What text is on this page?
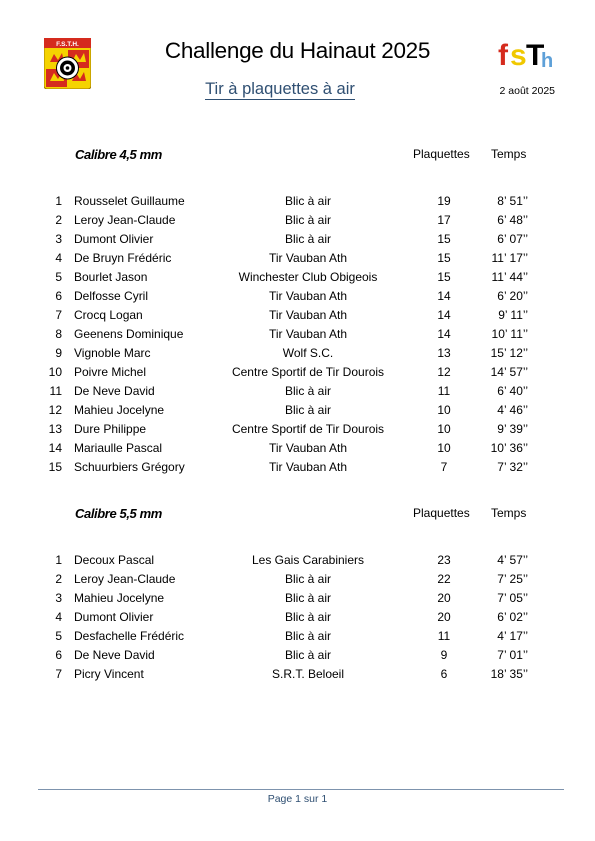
F.S.T.H.	f s T
h
Challenge du Hainaut 2025
Tir à plaquettes à air	2 août 2025
Calibre 4,5 mm	Plaquettes Temps
1 Rousselet Guillaume	Blic à air	19	8’ 51’’
2 Leroy Jean-Claude	Blic à air	17	6’ 48’’
3 Dumont Olivier	Blic à air	15	6’ 07’’
4 De Bruyn Frédéric	Tir Vauban Ath	15	11’ 17’’
5 Bourlet Jason	Winchester Club Obigeois	15	11’ 44’’
6 Delfosse Cyril	Tir Vauban Ath	14	6’ 20’’
7 Crocq Logan	Tir Vauban Ath	14	9’ 11’’
8 Geenens Dominique	Tir Vauban Ath	14	10’ 11’’
9 Vignoble Marc	Wolf S.C.	13	15’ 12’’
10 Poivre Michel	Centre Sportif de Tir Dourois	12	14’ 57’’
11 De Neve David	Blic à air	11	6’ 40’’
12 Mahieu Jocelyne	Blic à air	10	4’ 46’’
13 Dure Philippe	Centre Sportif de Tir Dourois	10	9’ 39’’
14 Mariaulle Pascal	Tir Vauban Ath	10	10’ 36’’
15 Schuurbiers Grégory	Tir Vauban Ath	7	7’ 32’’
Calibre 5,5 mm	Plaquettes Temps
1 Decoux Pascal	Les Gais Carabiniers	23	4’ 57’’
2 Leroy Jean-Claude	Blic à air	22	7’ 25’’
3 Mahieu Jocelyne	Blic à air	20	7’ 05’’
4 Dumont Olivier	Blic à air	20	6’ 02’’
5 Desfachelle Frédéric	Blic à air	11	4’ 17’’
6 De Neve David	Blic à air	9	7’ 01’’
7 Picry Vincent	S.R.T. Beloeil	6	18’ 35’’
Page 1 sur 1
